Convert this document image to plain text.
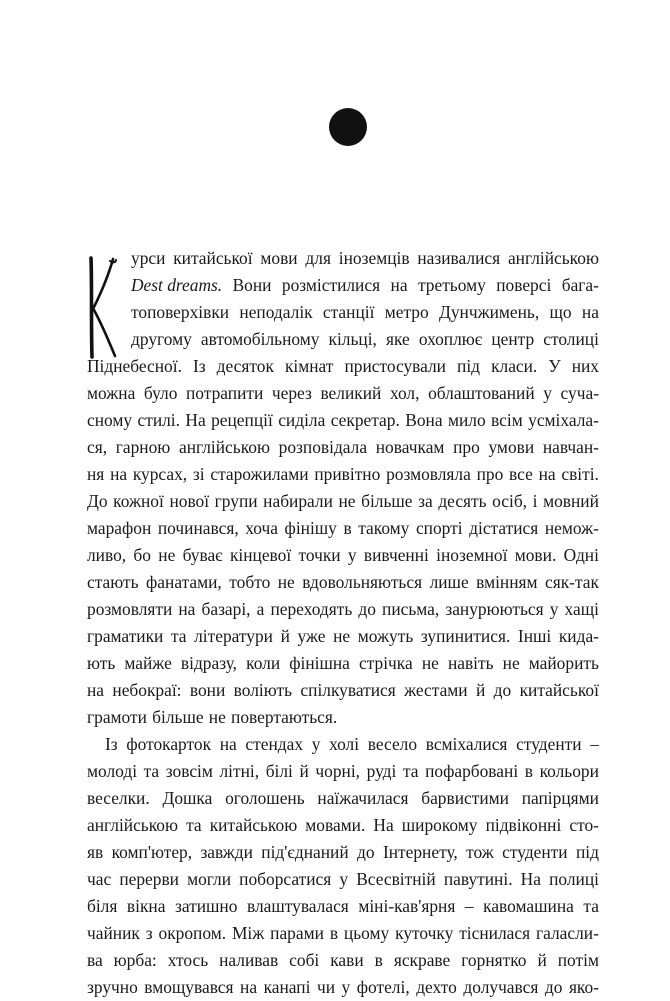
урси китайської мови для іноземців називалися англійською
Dest dreams. Вони розмістилися на третьому поверсі бага-
топоверхівки неподалік станції метро Дунчжимень, що на
другому автомобільному кільці, яке охоплює центр столиці
Піднебесної. Із десяток кімнат пристосували під класи. У них
можна було потрапити через великий хол, облаштований у суча-
сному стилі. На рецепції сиділа секретар. Вона мило всім усміхала-
ся, гарною англійською розповідала новачкам про умови навчан-
ня на курсах, зі старожилами привітно розмовляла про все на світі.
До кожної нової групи набирали не більше за десять осіб, і мовний
марафон починався, хоча фінішу в такому спорті дістатися немож-
ливо, бо не буває кінцевої точки у вивченні іноземної мови. Одні
стають фанатами, тобто не вдовольняються лише вмінням сяк-так
розмовляти на базарі, а переходять до письма, занурюються у хащі
граматики та літератури й уже не можуть зупинитися. Інші кида-
ють майже відразу, коли фінішна стрічка не навіть не майорить
на небокраї: вони воліють спілкуватися жестами й до китайської
грамоти більше не повертаються.
Із фотокарток на стендах у холі весело всміхалися студенти –
молоді та зовсім літні, білі й чорні, руді та пофарбовані в кольори
веселки. Дошка оголошень наїжачилася барвистими папірцями
англійською та китайською мовами. На широкому підвіконні сто-
яв комп'ютер, завжди під'єднаний до Інтернету, тож студенти під
час перерви могли поборсатися у Всесвітній павутині. На полиці
біля вікна затишно влаштувалася міні-кав'ярня – кавомашина та
чайник з окропом. Між парами в цьому куточку тіснилася галасли-
ва юрба: хтось наливав собі кави в яскраве горнятко й потім
зручно вмощувався на канапі чи у фотелі, дехто долучався до яко-
